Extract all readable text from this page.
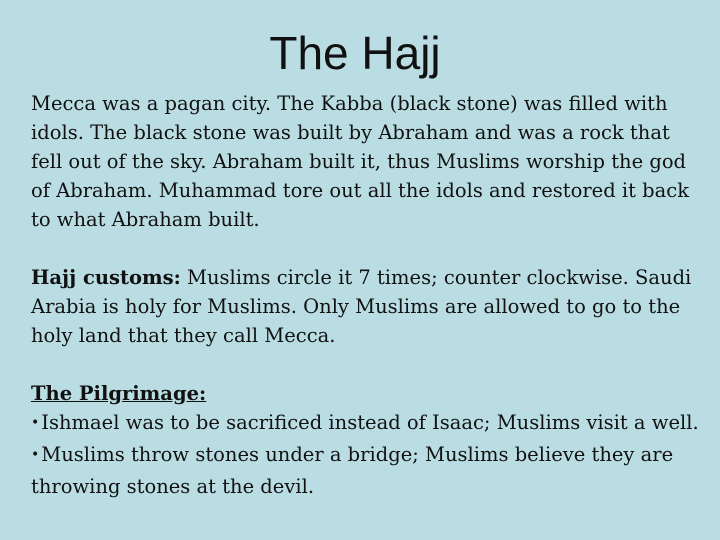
The Hajj

Mecca was a pagan city. The Kabba (black stone) was filled with idols. The black stone was built by Abraham and was a rock that fell out of the sky. Abraham built it, thus Muslims worship the god of Abraham. Muhammad tore out all the idols and restored it back to what Abraham built.

Hajj customs: Muslims circle it 7 times; counter clockwise. Saudi Arabia is holy for Muslims. Only Muslims are allowed to go to the holy land that they call Mecca.

The Pilgrimage:

• Ishmael was to be sacrificed instead of Isaac; Muslims visit a well.

• Muslims throw stones under a bridge; Muslims believe they are throwing stones at the devil.
